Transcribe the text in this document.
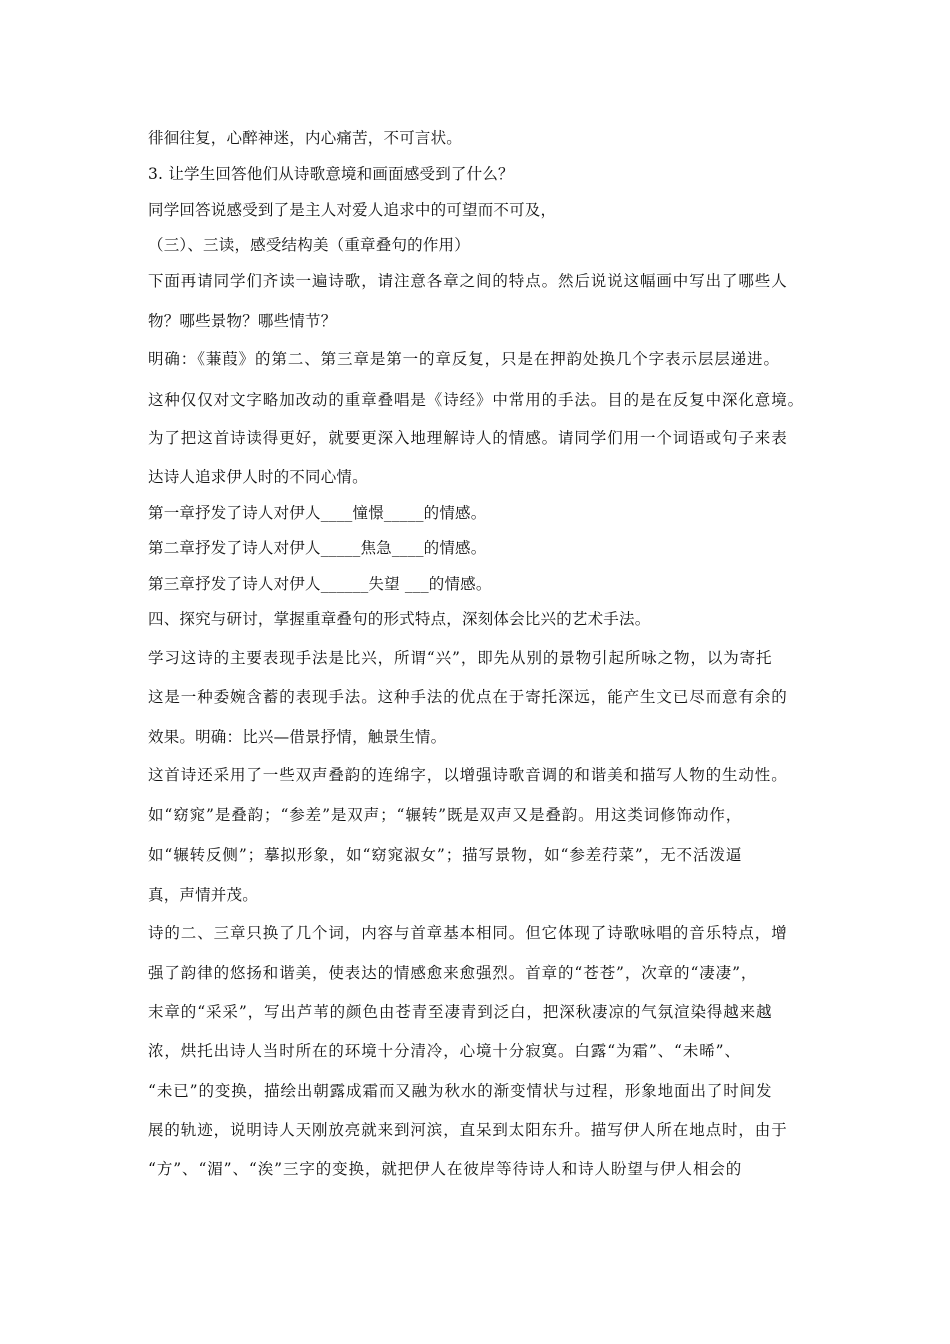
徘徊往复，心醉神迷，内心痛苦，不可言状。
3. 让学生回答他们从诗歌意境和画面感受到了什么？
同学回答说感受到了是主人对爱人追求中的可望而不可及，
（三）、三读，感受结构美（重章叠句的作用）
下面再请同学们齐读一遍诗歌，请注意各章之间的特点。然后说说这幅画中写出了哪些人
物？哪些景物？哪些情节？
明确：《蒹葭》的第二、第三章是第一的章反复，只是在押韵处换几个字表示层层递进。
这种仅仅对文字略加改动的重章叠唱是《诗经》中常用的手法。目的是在反复中深化意境。
为了把这首诗读得更好，就要更深入地理解诗人的情感。请同学们用一个词语或句子来表
达诗人追求伊人时的不同心情。
第一章抒发了诗人对伊人____憧憬_____的情感。
第二章抒发了诗人对伊人_____焦急____的情感。
第三章抒发了诗人对伊人______失望 ___的情感。
四、探究与研讨，掌握重章叠句的形式特点，深刻体会比兴的艺术手法。
学习这诗的主要表现手法是比兴，所谓“兴”，即先从别的景物引起所咏之物，以为寄托
这是一种委婉含蓄的表现手法。这种手法的优点在于寄托深远，能产生文已尽而意有余的
效果。明确：比兴—借景抒情，触景生情。
这首诗还采用了一些双声叠韵的连绵字，以增强诗歌音调的和谐美和描写人物的生动性。
如“窈窕”是叠韵；“参差”是双声；“辗转”既是双声又是叠韵。用这类词修饰动作，
如“辗转反侧”；摹拟形象，如“窈窕淑女”；描写景物，如“参差荇菜”，无不活泼逼
真，声情并茂。
诗的二、三章只换了几个词，内容与首章基本相同。但它体现了诗歌咏唱的音乐特点，增
强了韵律的悠扬和谐美，使表达的情感愈来愈强烈。首章的“苍苍”，次章的“凄凄”，
末章的“采采”，写出芦苇的颜色由苍青至凄青到泛白，把深秋凄凉的气氛渲染得越来越
浓，烘托出诗人当时所在的环境十分清冷，心境十分寂寞。白露“为霜”、“未晞”、
“未已”的变换，描绘出朝露成霜而又融为秋水的渐变情状与过程，形象地面出了时间发
展的轨迹，说明诗人天刚放亮就来到河滨，直呆到太阳东升。描写伊人所在地点时，由于
“方”、“湄”、“涘”三字的变换，就把伊人在彼岸等待诗人和诗人盼望与伊人相会的
